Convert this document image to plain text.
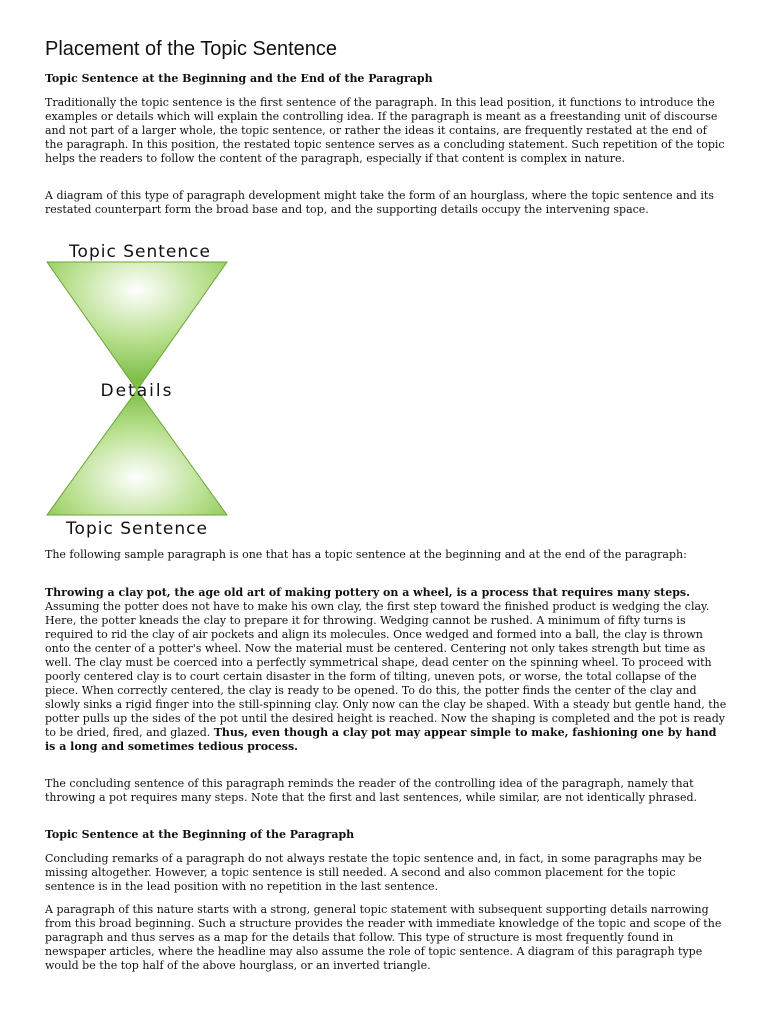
Placement of the Topic Sentence
Topic Sentence at the Beginning and the End of the Paragraph
Traditionally the topic sentence is the first sentence of the paragraph. In this lead position, it functions to introduce the examples or details which will explain the controlling idea. If the paragraph is meant as a freestanding unit of discourse and not part of a larger whole, the topic sentence, or rather the ideas it contains, are frequently restated at the end of the paragraph. In this position, the restated topic sentence serves as a concluding statement. Such repetition of the topic helps the readers to follow the content of the paragraph, especially if that content is complex in nature.
A diagram of this type of paragraph development might take the form of an hourglass, where the topic sentence and its restated counterpart form the broad base and top, and the supporting details occupy the intervening space.
Topic Sentence
Details
Topic Sentence
The following sample paragraph is one that has a topic sentence at the beginning and at the end of the paragraph:
Throwing a clay pot, the age old art of making pottery on a wheel, is a process that requires many steps. Assuming the potter does not have to make his own clay, the first step toward the finished product is wedging the clay. Here, the potter kneads the clay to prepare it for throwing. Wedging cannot be rushed. A minimum of fifty turns is required to rid the clay of air pockets and align its molecules. Once wedged and formed into a ball, the clay is thrown onto the center of a potter's wheel. Now the material must be centered. Centering not only takes strength but time as well. The clay must be coerced into a perfectly symmetrical shape, dead center on the spinning wheel. To proceed with poorly centered clay is to court certain disaster in the form of tilting, uneven pots, or worse, the total collapse of the piece. When correctly centered, the clay is ready to be opened. To do this, the potter finds the center of the clay and slowly sinks a rigid finger into the still-spinning clay. Only now can the clay be shaped. With a steady but gentle hand, the potter pulls up the sides of the pot until the desired height is reached. Now the shaping is completed and the pot is ready to be dried, fired, and glazed. Thus, even though a clay pot may appear simple to make, fashioning one by hand is a long and sometimes tedious process.
The concluding sentence of this paragraph reminds the reader of the controlling idea of the paragraph, namely that throwing a pot requires many steps. Note that the first and last sentences, while similar, are not identically phrased.
Topic Sentence at the Beginning of the Paragraph
Concluding remarks of a paragraph do not always restate the topic sentence and, in fact, in some paragraphs may be missing altogether. However, a topic sentence is still needed. A second and also common placement for the topic sentence is in the lead position with no repetition in the last sentence.
A paragraph of this nature starts with a strong, general topic statement with subsequent supporting details narrowing from this broad beginning. Such a structure provides the reader with immediate knowledge of the topic and scope of the paragraph and thus serves as a map for the details that follow. This type of structure is most frequently found in newspaper articles, where the headline may also assume the role of topic sentence. A diagram of this paragraph type would be the top half of the above hourglass, or an inverted triangle.
